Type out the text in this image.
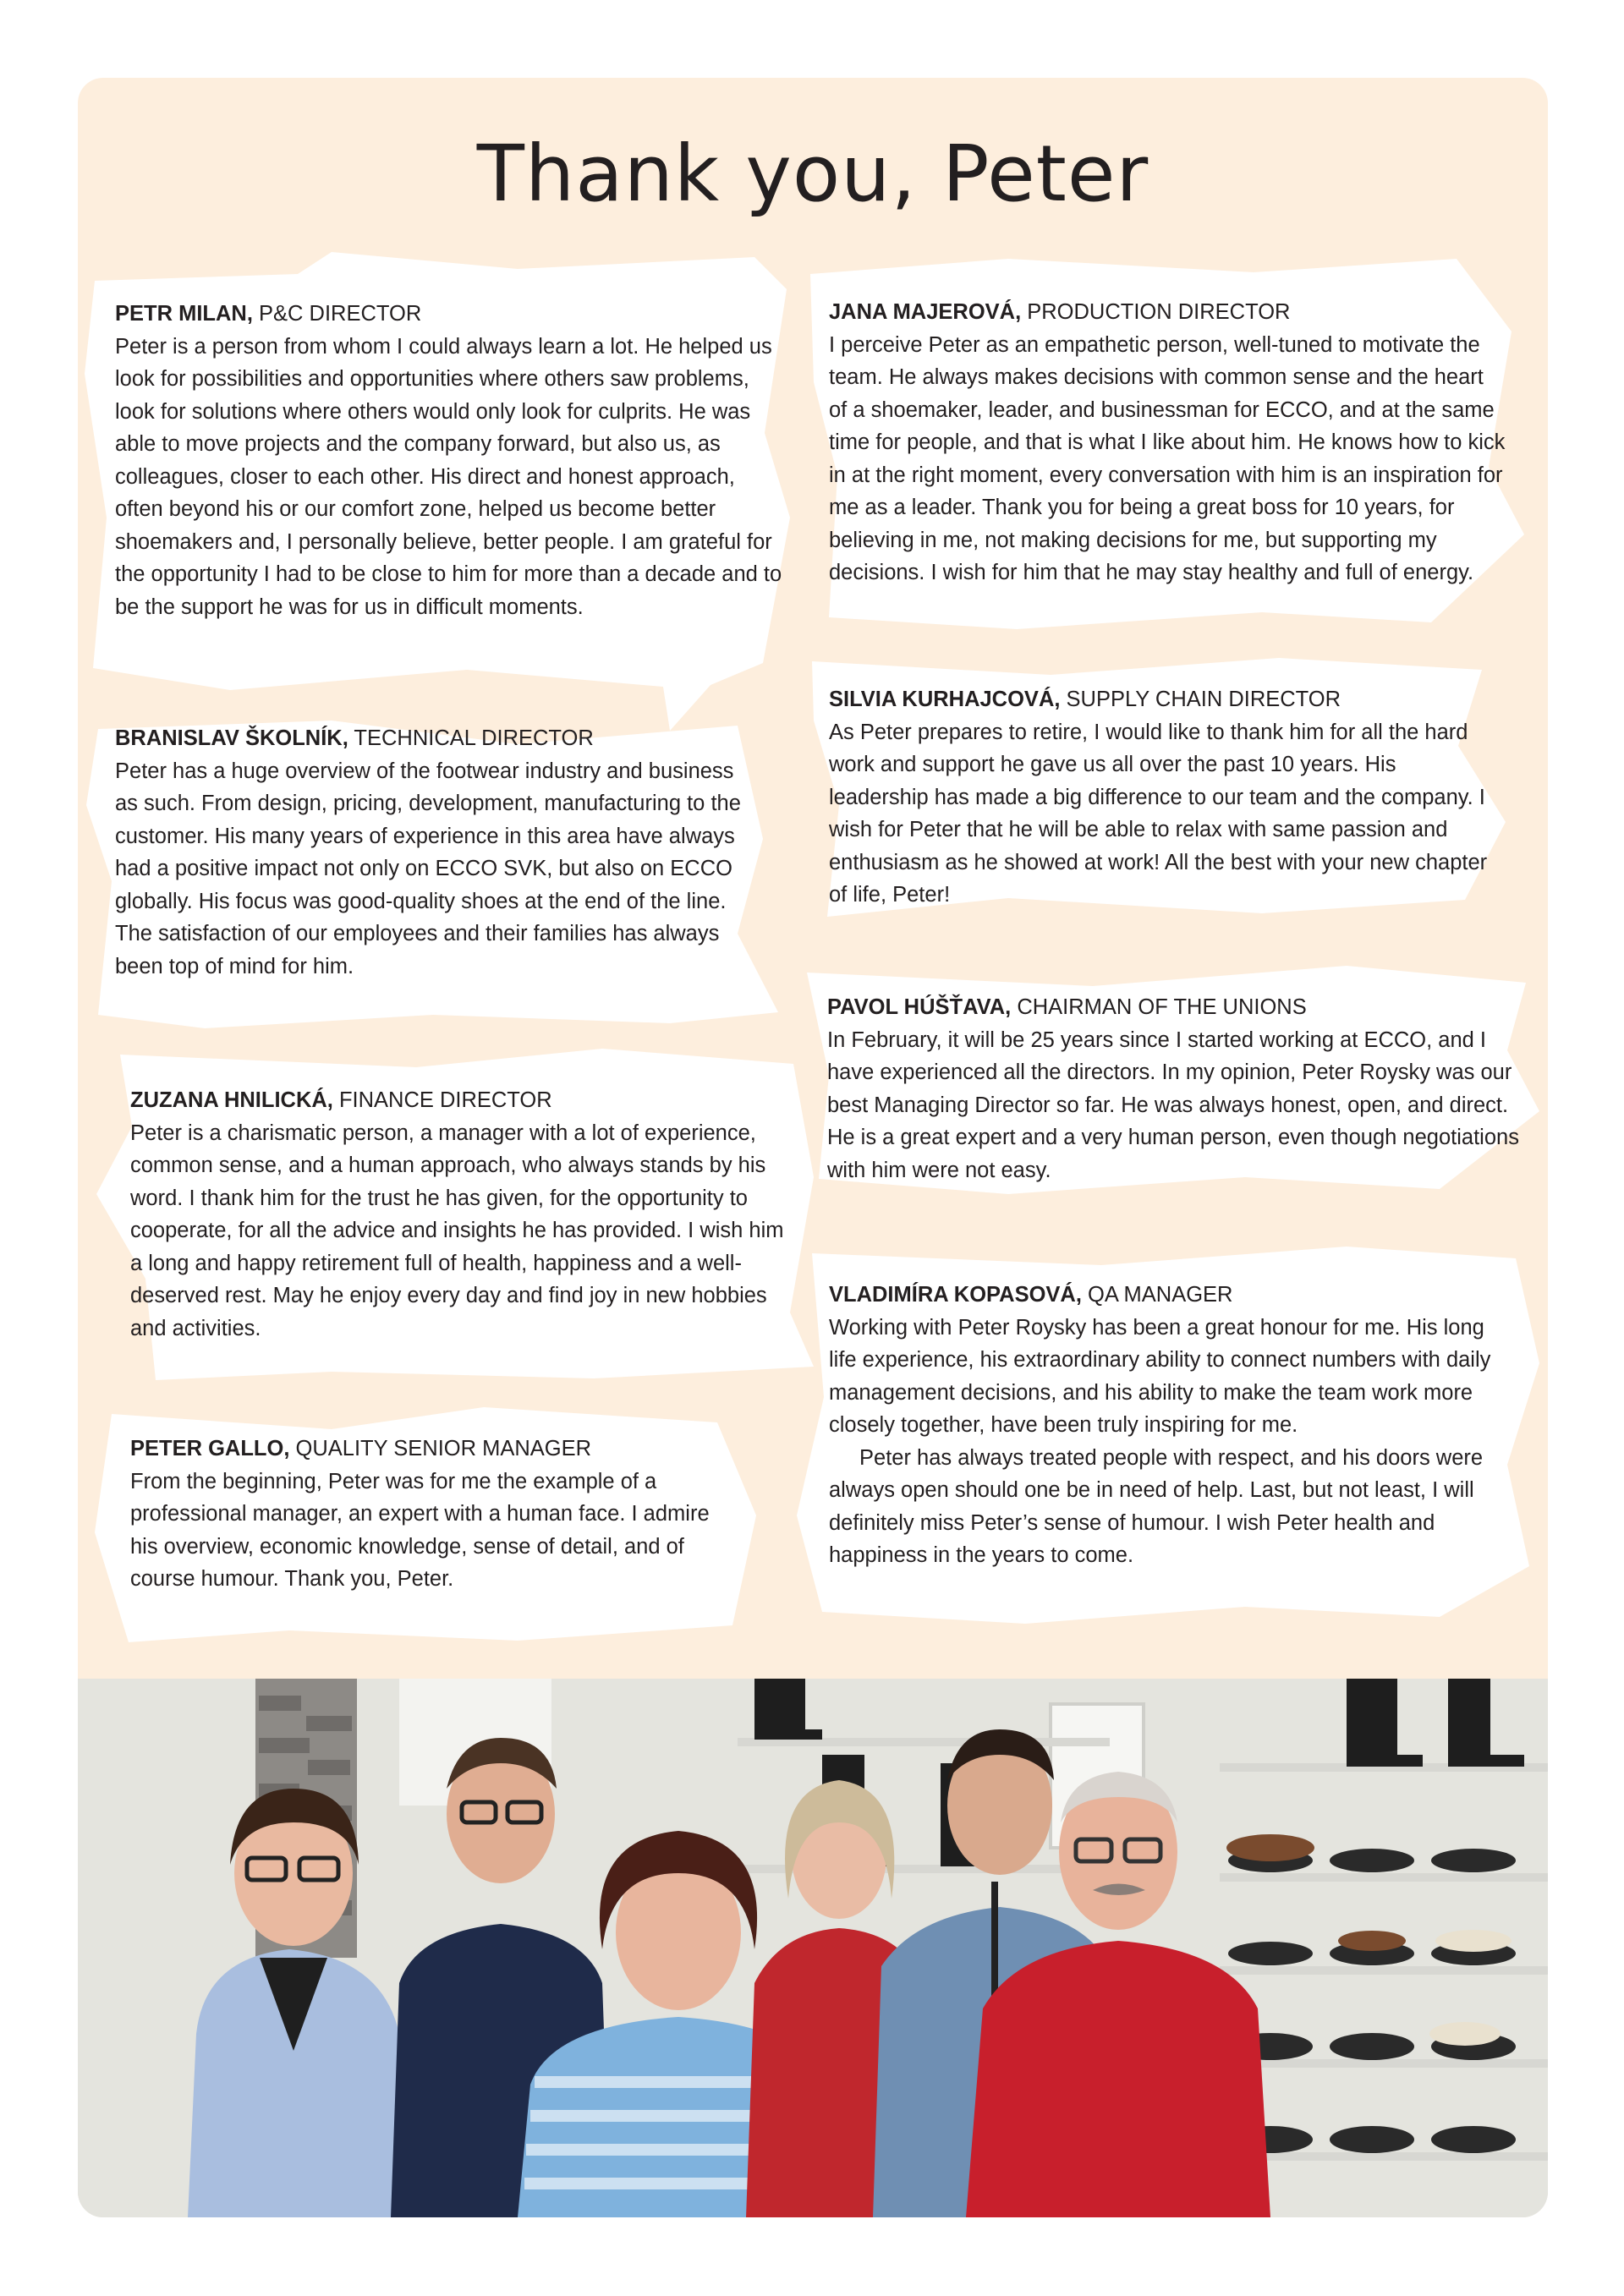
Thank you, Peter
PETR MILAN, P&C DIRECTOR
Peter is a person from whom I could always learn a lot. He helped us look for possibilities and opportunities where others saw problems, look for solutions where others would only look for culprits. He was able to move projects and the company forward, but also us, as colleagues, closer to each other. His direct and honest approach, often beyond his or our comfort zone, helped us become better shoemakers and, I personally believe, better people. I am grateful for the opportunity I had to be close to him for more than a decade and to be the support he was for us in difficult moments.
BRANISLAV ŠKOLNÍK, TECHNICAL DIRECTOR
Peter has a huge overview of the footwear industry and business as such. From design, pricing, development, manufacturing to the customer. His many years of experience in this area have always had a positive impact not only on ECCO SVK, but also on ECCO globally. His focus was good-quality shoes at the end of the line. The satisfaction of our employees and their families has always been top of mind for him.
ZUZANA HNILICKÁ, FINANCE DIRECTOR
Peter is a charismatic person, a manager with a lot of experience, common sense, and a human approach, who always stands by his word. I thank him for the trust he has given, for the opportunity to cooperate, for all the advice and insights he has provided. I wish him a long and happy retirement full of health, happiness and a well-deserved rest. May he enjoy every day and find joy in new hobbies and activities.
PETER GALLO, QUALITY SENIOR MANAGER
From the beginning, Peter was for me the example of a professional manager, an expert with a human face. I admire his overview, economic knowledge, sense of detail, and of course humour. Thank you, Peter.
JANA MAJEROVÁ, PRODUCTION DIRECTOR
I perceive Peter as an empathetic person, well-tuned to motivate the team. He always makes decisions with common sense and the heart of a shoemaker, leader, and businessman for ECCO, and at the same time for people, and that is what I like about him. He knows how to kick in at the right moment, every conversation with him is an inspiration for me as a leader. Thank you for being a great boss for 10 years, for believing in me, not making decisions for me, but supporting my decisions. I wish for him that he may stay healthy and full of energy.
SILVIA KURHAJCOVÁ, SUPPLY CHAIN DIRECTOR
As Peter prepares to retire, I would like to thank him for all the hard work and support he gave us all over the past 10 years. His leadership has made a big difference to our team and the company. I wish for Peter that he will be able to relax with same passion and enthusiasm as he showed at work! All the best with your new chapter of life, Peter!
PAVOL HÚŠŤAVA, CHAIRMAN OF THE UNIONS
In February, it will be 25 years since I started working at ECCO, and I have experienced all the directors. In my opinion, Peter Roysky was our best Managing Director so far. He was always honest, open, and direct. He is a great expert and a very human person, even though negotiations with him were not easy.
VLADIMÍRA KOPASOVÁ, QA MANAGER
Working with Peter Roysky has been a great honour for me. His long life experience, his extraordinary ability to connect numbers with daily management decisions, and his ability to make the team work more closely together, have been truly inspiring for me.
Peter has always treated people with respect, and his doors were always open should one be in need of help. Last, but not least, I will definitely miss Peter’s sense of humour. I wish Peter health and happiness in the years to come.
